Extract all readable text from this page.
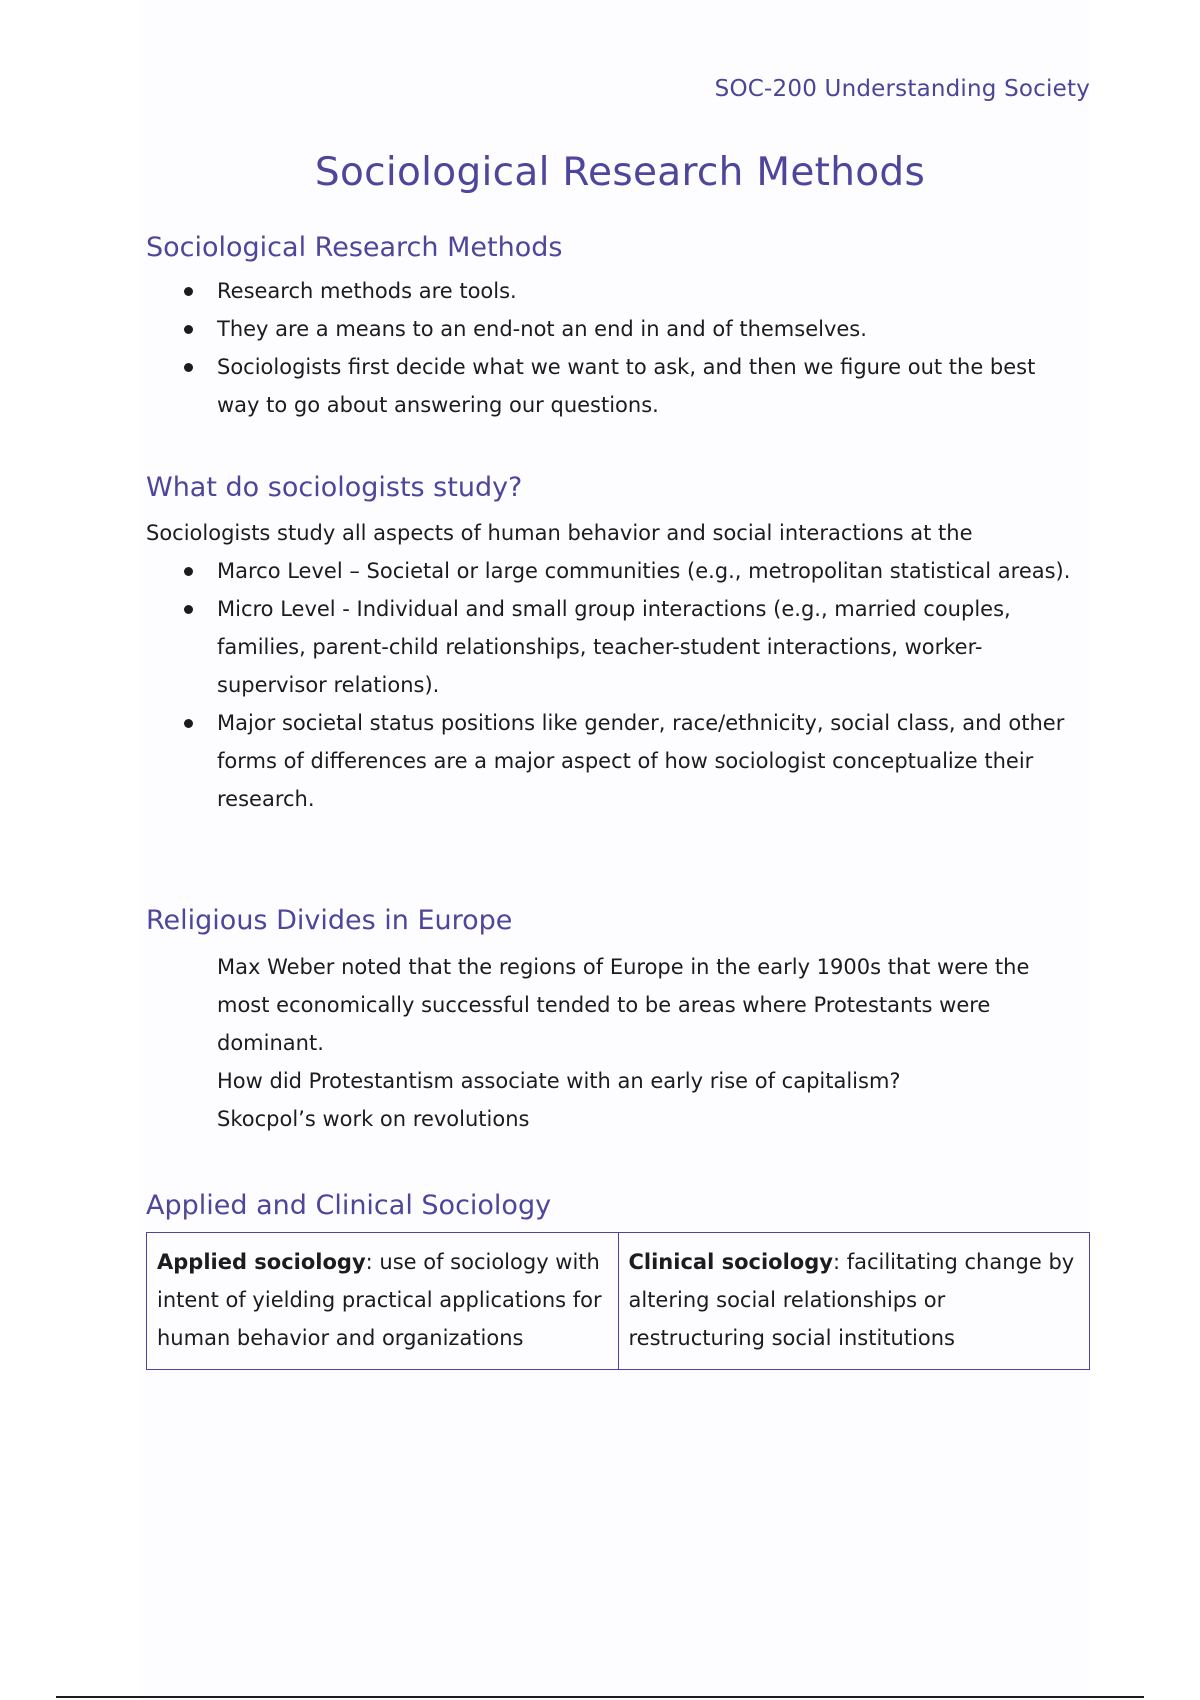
SOC-200 Understanding Society
Sociological Research Methods
Sociological Research Methods
Research methods are tools.
They are a means to an end-not an end in and of themselves.
Sociologists first decide what we want to ask, and then we figure out the best way to go about answering our questions.
What do sociologists study?

Sociologists study all aspects of human behavior and social interactions at the

Marco Level – Societal or large communities (e.g., metropolitan statistical areas).
Micro Level - Individual and small group interactions (e.g., married couples, families, parent-child relationships, teacher-student interactions, worker-supervisor relations).
Major societal status positions like gender, race/ethnicity, social class, and other forms of differences are a major aspect of how sociologist conceptualize their research.
Religious Divides in Europe

Max Weber noted that the regions of Europe in the early 1900s that were the most economically successful tended to be areas where Protestants were dominant.

How did Protestantism associate with an early rise of capitalism?

Skocpol’s work on revolutions

Applied and Clinical Sociology
Applied sociology: use of sociology with intent of yielding practical applications for human behavior and organizations	Clinical sociology: facilitating change by altering social relationships or restructuring social institutions
